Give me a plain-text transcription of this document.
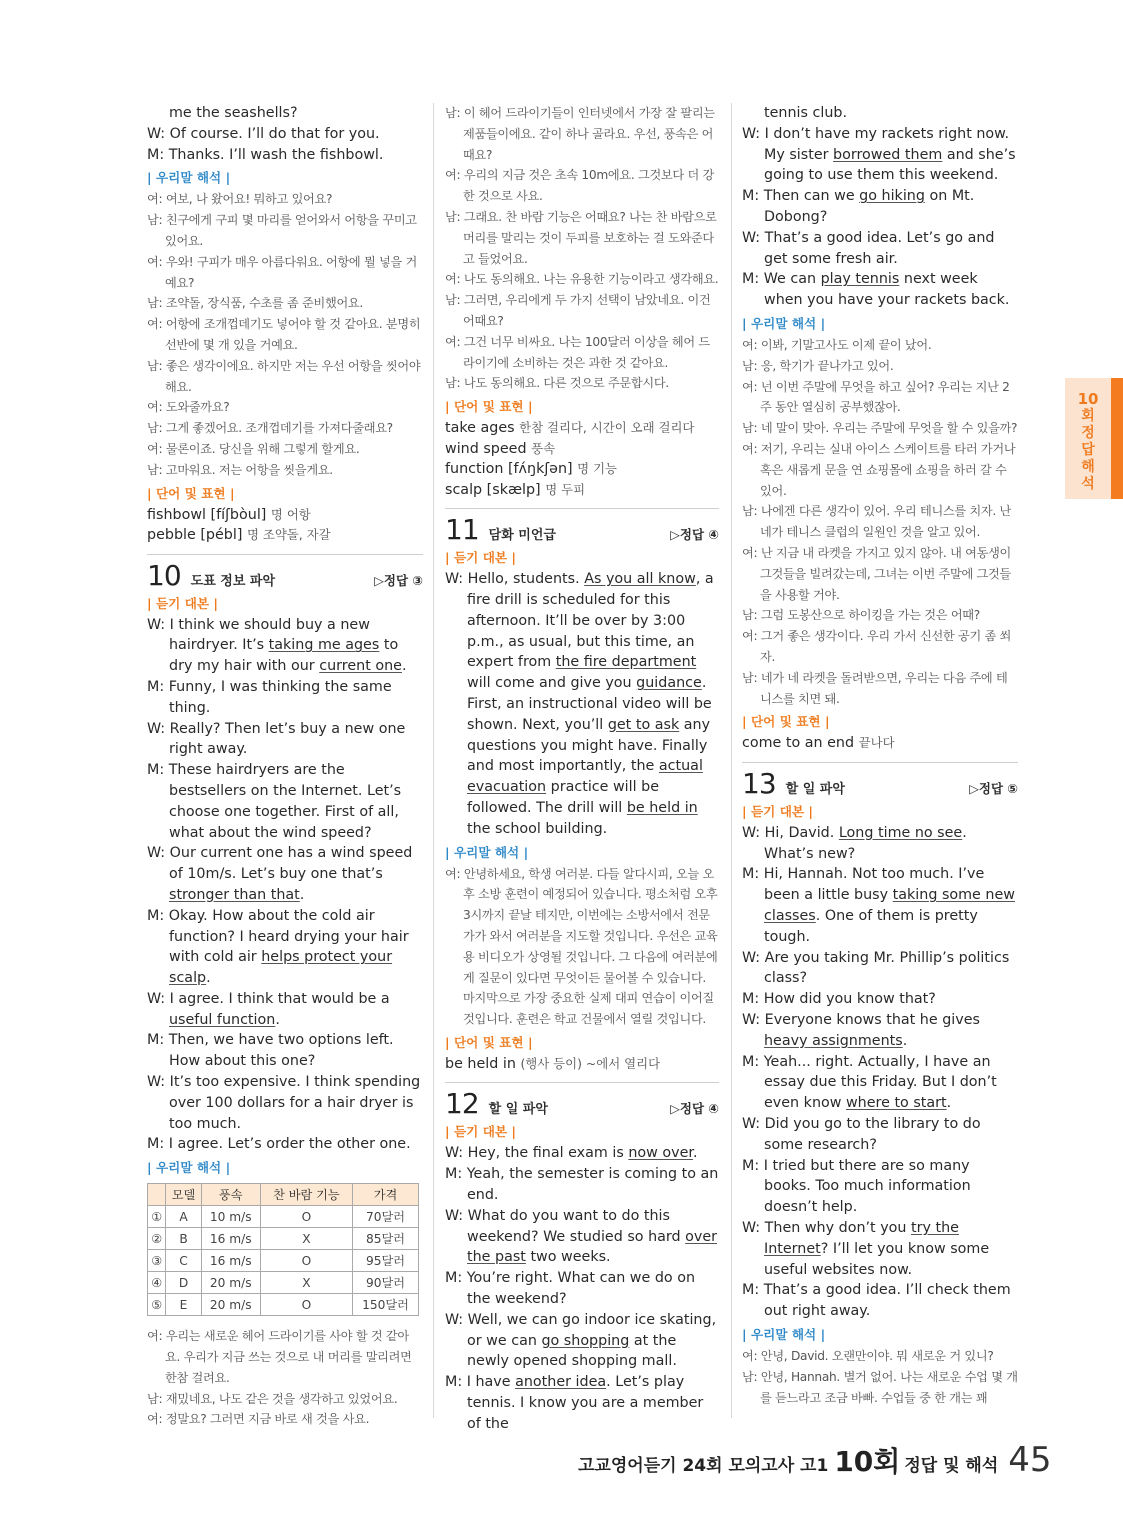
me the seashells?
W: Of course. I’ll do that for you.
M: Thanks. I’ll wash the fishbowl.
| 우리말 해석 |
여: 여보, 나 왔어요! 뭐하고 있어요?
남: 친구에게 구피 몇 마리를 얻어와서 어항을 꾸미고 있어요.
여: 우와! 구피가 매우 아름다워요. 어항에 뭘 넣을 거예요?
남: 조약돌, 장식품, 수초를 좀 준비했어요.
여: 어항에 조개껍데기도 넣어야 할 것 같아요. 분명히 선반에 몇 개 있을 거예요.
남: 좋은 생각이에요. 하지만 저는 우선 어항을 씻어야 해요.
여: 도와줄까요?
남: 그게 좋겠어요. 조개껍데기를 가져다줄래요?
여: 물론이죠. 당신을 위해 그렇게 할게요.
남: 고마워요. 저는 어항을 씻을게요.
| 단어 및 표현 |
fishbowl [fíʃbòul] 명 어항
pebble [pébl] 명 조약돌, 자갈
10 도표 정보 파악	▷정답 ③
| 듣기 대본 |
W: I think we should buy a new hairdryer. It’s taking me ages to dry my hair with our current one.
M: Funny, I was thinking the same thing.
W: Really? Then let’s buy a new one right away.
M: These hairdryers are the bestsellers on the Internet. Let’s choose one together. First of all, what about the wind speed?
W: Our current one has a wind speed of 10m/s. Let’s buy one that’s stronger than that.
M: Okay. How about the cold air function? I heard drying your hair with cold air helps protect your scalp.
W: I agree. I think that would be a useful function.
M: Then, we have two options left. How about this one?
W: It’s too expensive. I think spending over 100 dollars for a hair dryer is too much.
M: I agree. Let’s order the other one.
| 우리말 해석 |
	모델	풍속	찬 바람 기능	가격
①	A	10 m/s	O	70달러
②	B	16 m/s	X	85달러
③	C	16 m/s	O	95달러
④	D	20 m/s	X	90달러
⑤	E	20 m/s	O	150달러
여: 우리는 새로운 헤어 드라이기를 사야 할 것 같아요. 우리가 지금 쓰는 것으로 내 머리를 말리려면 한참 걸려요.
남: 재밌네요, 나도 같은 것을 생각하고 있었어요.
여: 정말요? 그러면 지금 바로 새 것을 사요.
남: 이 헤어 드라이기들이 인터넷에서 가장 잘 팔리는 제품들이에요. 같이 하나 골라요. 우선, 풍속은 어때요?
여: 우리의 지금 것은 초속 10m에요. 그것보다 더 강한 것으로 사요.
남: 그래요. 찬 바람 기능은 어때요? 나는 찬 바람으로 머리를 말리는 것이 두피를 보호하는 걸 도와준다고 들었어요.
여: 나도 동의해요. 나는 유용한 기능이라고 생각해요.
남: 그러면, 우리에게 두 가지 선택이 남았네요. 이건 어때요?
여: 그건 너무 비싸요. 나는 100달러 이상을 헤어 드라이기에 소비하는 것은 과한 것 같아요.
남: 나도 동의해요. 다른 것으로 주문합시다.
| 단어 및 표현 |
take ages 한참 걸리다, 시간이 오래 걸리다
wind speed 풍속
function [fʌ́ŋkʃən] 명 기능
scalp [skælp] 명 두피
11 담화 미언급	▷정답 ④
| 듣기 대본 |
W: Hello, students. As you all know, a fire drill is scheduled for this afternoon. It’ll be over by 3:00 p.m., as usual, but this time, an expert from the fire department will come and give you guidance. First, an instructional video will be shown. Next, you’ll get to ask any questions you might have. Finally and most importantly, the actual evacuation practice will be followed. The drill will be held in the school building.
| 우리말 해석 |
여: 안녕하세요, 학생 여러분. 다들 알다시피, 오늘 오후 소방 훈련이 예정되어 있습니다. 평소처럼 오후 3시까지 끝날 테지만, 이번에는 소방서에서 전문가가 와서 여러분을 지도할 것입니다. 우선은 교육용 비디오가 상영될 것입니다. 그 다음에 여러분에게 질문이 있다면 무엇이든 물어볼 수 있습니다. 마지막으로 가장 중요한 실제 대피 연습이 이어질 것입니다. 훈련은 학교 건물에서 열릴 것입니다.
| 단어 및 표현 |
be held in (행사 등이) ~에서 열리다
12 할 일 파악	▷정답 ④
| 듣기 대본 |
W: Hey, the final exam is now over.
M: Yeah, the semester is coming to an end.
W: What do you want to do this weekend? We studied so hard over the past two weeks.
M: You’re right. What can we do on the weekend?
W: Well, we can go indoor ice skating, or we can go shopping at the newly opened shopping mall.
M: I have another idea. Let’s play tennis. I know you are a member of the
tennis club.
W: I don’t have my rackets right now. My sister borrowed them and she’s going to use them this weekend.
M: Then can we go hiking on Mt. Dobong?
W: That’s a good idea. Let’s go and get some fresh air.
M: We can play tennis next week when you have your rackets back.
| 우리말 해석 |
여: 이봐, 기말고사도 이제 끝이 났어.
남: 응, 학기가 끝나가고 있어.
여: 넌 이번 주말에 무엇을 하고 싶어? 우리는 지난 2주 동안 열심히 공부했잖아.
남: 네 말이 맞아. 우리는 주말에 무엇을 할 수 있을까?
여: 저기, 우리는 실내 아이스 스케이트를 타러 가거나 혹은 새롭게 문을 연 쇼핑몰에 쇼핑을 하러 갈 수 있어.
남: 나에겐 다른 생각이 있어. 우리 테니스를 치자. 난 네가 테니스 클럽의 일원인 것을 알고 있어.
여: 난 지금 내 라켓을 가지고 있지 않아. 내 여동생이 그것들을 빌려갔는데, 그녀는 이번 주말에 그것들을 사용할 거야.
남: 그럼 도봉산으로 하이킹을 가는 것은 어때?
여: 그거 좋은 생각이다. 우리 가서 신선한 공기 좀 쐬자.
남: 네가 네 라켓을 돌려받으면, 우리는 다음 주에 테니스를 치면 돼.
| 단어 및 표현 |
come to an end 끝나다
13 할 일 파악	▷정답 ⑤
| 듣기 대본 |
W: Hi, David. Long time no see. What’s new?
M: Hi, Hannah. Not too much. I’ve been a little busy taking some new classes. One of them is pretty tough.
W: Are you taking Mr. Phillip’s politics class?
M: How did you know that?
W: Everyone knows that he gives heavy assignments.
M: Yeah... right. Actually, I have an essay due this Friday. But I don’t even know where to start.
W: Did you go to the library to do some research?
M: I tried but there are so many books. Too much information doesn’t help.
W: Then why don’t you try the Internet? I’ll let you know some useful websites now.
M: That’s a good idea. I’ll check them out right away.
| 우리말 해석 |
여: 안녕, David. 오랜만이야. 뭐 새로운 거 있니?
남: 안녕, Hannah. 별거 없어. 나는 새로운 수업 몇 개를 듣느라고 조금 바빠. 수업들 중 한 개는 꽤
10
회
정
답
해
석
고교영어듣기 24회 모의고사 고1 10회 정답 및 해석 45
